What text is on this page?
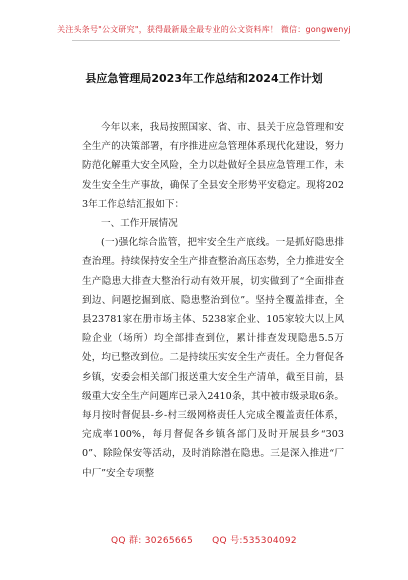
关注头条号"公文研究"，获得最新最全最专业的公文资料库！ 微信：gongwenyj
县应急管理局2023年工作总结和2024工作计划

今年以来，我局按照国家、省、市、县关于应急管理和安全生产的决策部署，有序推进应急管理体系现代化建设，努力防范化解重大安全风险，全力以赴做好全县应急管理工作，未发生安全生产事故，确保了全县安全形势平安稳定。现将2023年工作总结汇报如下：

一、工作开展情况

(一)强化综合监管，把牢安全生产底线。一是抓好隐患排查治理。持续保持安全生产排查整治高压态势，全力推进安全生产隐患大排查大整治行动有效开展，切实做到了“全面排查到边、问题挖掘到底、隐患整治到位”。坚持全覆盖排查，全县23781家在册市场主体、5238家企业、105家较大以上风险企业（场所）均全部排查到位，累计排查发现隐患5.5万处，均已整改到位。二是持续压实安全生产责任。全力督促各乡镇，安委会相关部门报送重大安全生产清单，截至目前，县级重大安全生产问题库已录入2410条，其中被市级录取6条。每月按时督促县-乡-村三级网格责任人完成全覆盖责任体系，完成率100%，每月督促各乡镇各部门及时开展县乡“3030”、除险保安等活动，及时消除潜在隐患。三是深入推进“厂中厂”安全专项整

QQ 群: 30265665 QQ 号:535304092
